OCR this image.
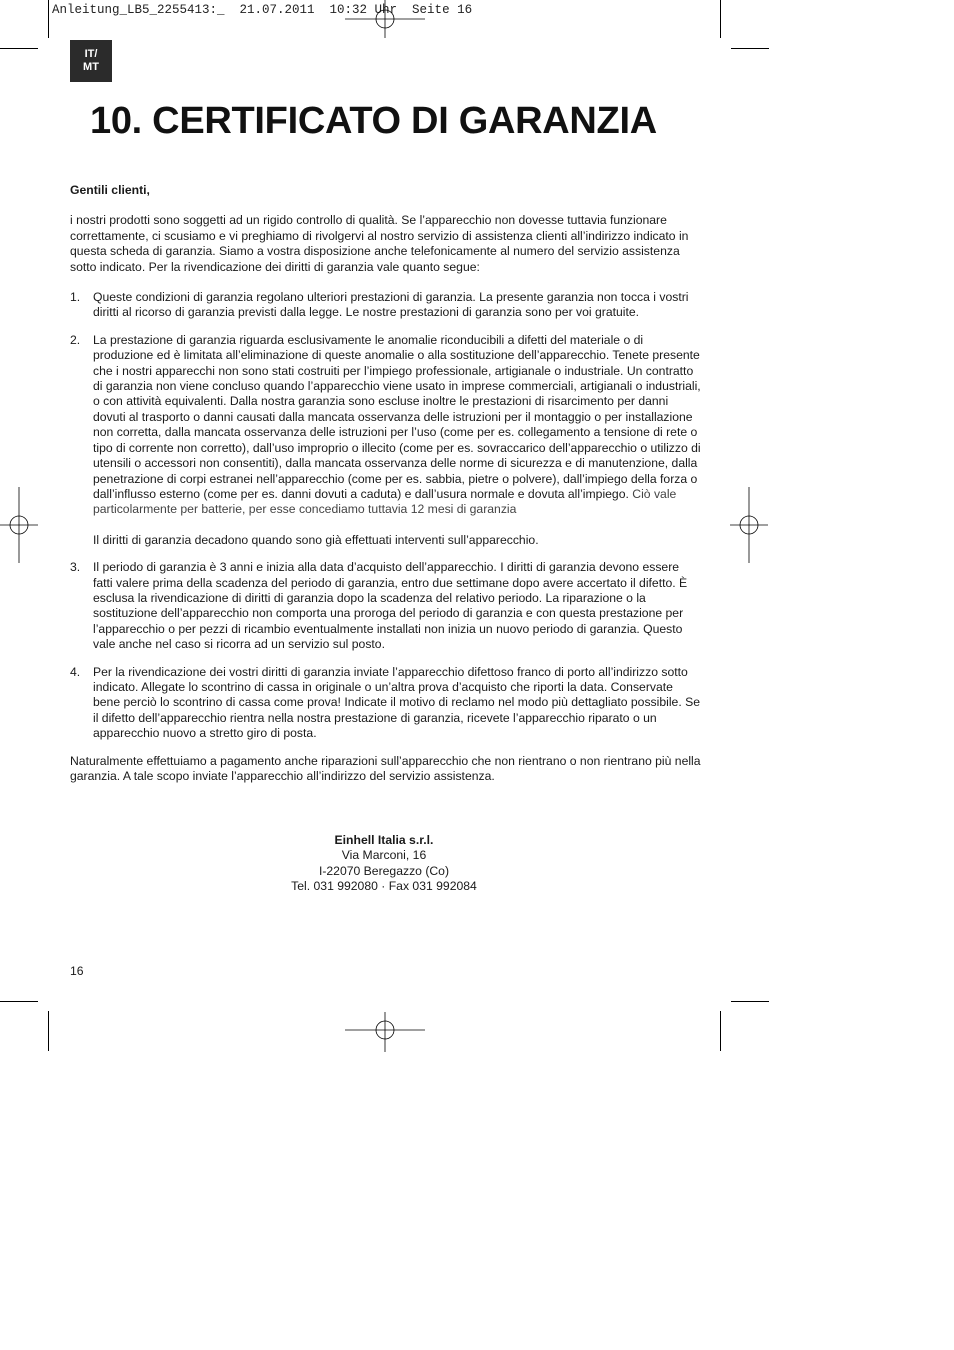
Anleitung_LB5_2255413:_  21.07.2011  10:32 Uhr  Seite 16
IT/
MT
10. CERTIFICATO DI GARANZIA

Gentili clienti,

i nostri prodotti sono soggetti ad un rigido controllo di qualità. Se l’apparecchio non dovesse tuttavia funzionare correttamente, ci scusiamo e vi preghiamo di rivolgervi al nostro servizio di assistenza clienti all’indirizzo indicato in questa scheda di garanzia. Siamo a vostra disposizione anche telefonicamente al numero del servizio assistenza sotto indicato. Per la rivendicazione dei diritti di garanzia vale quanto segue:

1. Queste condizioni di garanzia regolano ulteriori prestazioni di garanzia. La presente garanzia non tocca i vostri diritti al ricorso di garanzia previsti dalla legge. Le nostre prestazioni di garanzia sono per voi gratuite.

2. La prestazione di garanzia riguarda esclusivamente le anomalie riconducibili a difetti del materiale o di produzione ed è limitata all’eliminazione di queste anomalie o alla sostituzione dell’apparecchio. Tenete presente che i nostri apparecchi non sono stati costruiti per l’impiego professionale, artigianale o industriale. Un contratto di garanzia non viene concluso quando l’apparecchio viene usato in imprese commerciali, artigianali o industriali, o con attività equivalenti. Dalla nostra garanzia sono escluse inoltre le prestazioni di risarcimento per danni dovuti al trasporto o danni causati dalla mancata osservanza delle istruzioni per il montaggio o per installazione non corretta, dalla mancata osservanza delle istruzioni per l’uso (come per es. collegamento a tensione di rete o tipo di corrente non corretto), dall’uso improprio o illecito (come per es. sovraccarico dell’apparecchio o utilizzo di utensili o accessori non consentiti), dalla mancata osservanza delle norme di sicurezza e di manutenzione, dalla penetrazione di corpi estranei nell’apparecchio (come per es. sabbia, pietre o polvere), dall’impiego della forza o dall’influsso esterno (come per es. danni dovuti a caduta) e dall’usura normale e dovuta all’impiego. Ciò vale particolarmente per batterie, per esse concediamo tuttavia 12 mesi di garanzia

Il diritti di garanzia decadono quando sono già effettuati interventi sull’apparecchio.

3. Il periodo di garanzia è 3 anni e inizia alla data d’acquisto dell’apparecchio. I diritti di garanzia devono essere fatti valere prima della scadenza del periodo di garanzia, entro due settimane dopo avere accertato il difetto. È esclusa la rivendicazione di diritti di garanzia dopo la scadenza del relativo periodo. La riparazione o la sostituzione dell’apparecchio non comporta una proroga del periodo di garanzia e con questa prestazione per l’apparecchio o per pezzi di ricambio eventualmente installati non inizia un nuovo periodo di garanzia. Questo vale anche nel caso si ricorra ad un servizio sul posto.

4. Per la rivendicazione dei vostri diritti di garanzia inviate l’apparecchio difettoso franco di porto all’indirizzo sotto indicato. Allegate lo scontrino di cassa in originale o un’altra prova d’acquisto che riporti la data. Conservate bene perciò lo scontrino di cassa come prova! Indicate il motivo di reclamo nel modo più dettagliato possibile. Se il difetto dell’apparecchio rientra nella nostra prestazione di garanzia, ricevete l’apparecchio riparato o un apparecchio nuovo a stretto giro di posta.

Naturalmente effettuiamo a pagamento anche riparazioni sull’apparecchio che non rientrano o non rientrano più nella garanzia. A tale scopo inviate l’apparecchio all’indirizzo del servizio assistenza.

Einhell Italia s.r.l.
Via Marconi, 16
I-22070 Beregazzo (Co)
Tel. 031 992080 · Fax 031 992084
16
